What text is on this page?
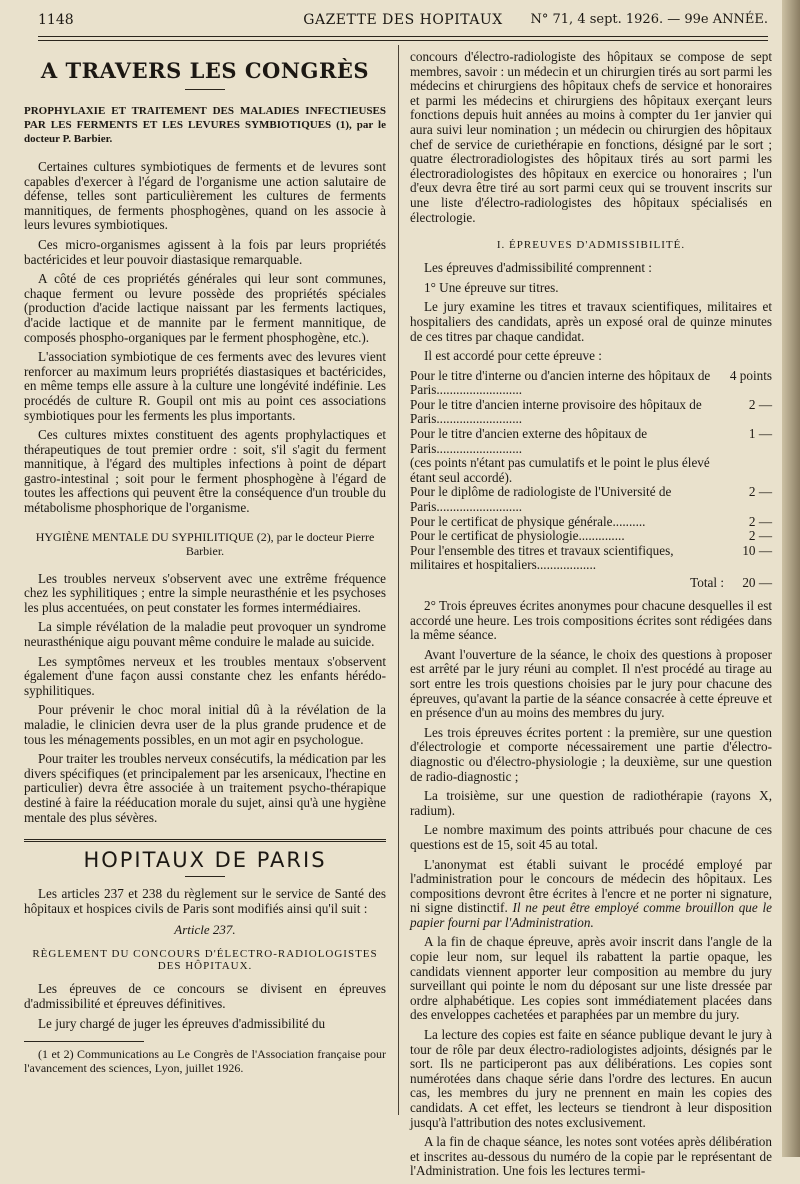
1148	GAZETTE DES HOPITAUX	N° 71, 4 sept. 1926. — 99e ANNÉE.
A TRAVERS LES CONGRÈS
PROPHYLAXIE ET TRAITEMENT DES MALADIES INFECTIEUSES PAR LES FERMENTS ET LES LEVURES SYMBIOTIQUES (1), par le docteur P. Barbier.

Certaines cultures symbiotiques de ferments et de levures sont capables d'exercer à l'égard de l'organisme une action salutaire de défense, telles sont particulièrement les cultures de ferments mannitiques, de ferments phosphogènes, quand on les associe à leurs levures symbiotiques.

Ces micro-organismes agissent à la fois par leurs propriétés bactéricides et leur pouvoir diastasique remarquable.

A côté de ces propriétés générales qui leur sont communes, chaque ferment ou levure possède des propriétés spéciales (production d'acide lactique naissant par les ferments lactiques, d'acide lactique et de mannite par le ferment mannitique, de composés phospho-organiques par le ferment phosphogène, etc.).

L'association symbiotique de ces ferments avec des levures vient renforcer au maximum leurs propriétés diastasiques et bactéricides, en même temps elle assure à la culture une longévité indéfinie. Les procédés de culture R. Goupil ont mis au point ces associations symbiotiques pour les ferments les plus importants.

Ces cultures mixtes constituent des agents prophylactiques et thérapeutiques de tout premier ordre : soit, s'il s'agit du ferment mannitique, à l'égard des multiples infections à point de départ gastro-intestinal ; soit pour le ferment phosphogène à l'égard de toutes les affections qui peuvent être la conséquence d'un trouble du métabolisme phosphorique de l'organisme.

HYGIÈNE MENTALE DU SYPHILITIQUE (2), par le docteur Pierre Barbier.

Les troubles nerveux s'observent avec une extrême fréquence chez les syphilitiques ; entre la simple neurasthénie et les psychoses les plus accentuées, on peut constater les formes intermédiaires.

La simple révélation de la maladie peut provoquer un syndrome neurasthénique aigu pouvant même conduire le malade au suicide.

Les symptômes nerveux et les troubles mentaux s'observent également d'une façon aussi constante chez les enfants hérédo-syphilitiques.

Pour prévenir le choc moral initial dû à la révélation de la maladie, le clinicien devra user de la plus grande prudence et de tous les ménagements possibles, en un mot agir en psychologue.

Pour traiter les troubles nerveux consécutifs, la médication par les divers spécifiques (et principalement par les arsenicaux, l'hectine en particulier) devra être associée à un traitement psycho-thérapique destiné à faire la rééducation morale du sujet, ainsi qu'à une hygiène mentale des plus sévères.

HOPITAUX DE PARIS

Les articles 237 et 238 du règlement sur le service de Santé des hôpitaux et hospices civils de Paris sont modifiés ainsi qu'il suit :

Article 237.
RÈGLEMENT DU CONCOURS D'ÉLECTRO-RADIOLOGISTES DES HÔPITAUX.

Les épreuves de ce concours se divisent en épreuves d'admissibilité et épreuves définitives.

Le jury chargé de juger les épreuves d'admissibilité du

(1 et 2) Communications au Le Congrès de l'Association française pour l'avancement des sciences, Lyon, juillet 1926.

concours d'électro-radiologiste des hôpitaux se compose de sept membres, savoir : un médecin et un chirurgien tirés au sort parmi les médecins et chirurgiens des hôpitaux chefs de service et honoraires et parmi les médecins et chirurgiens des hôpitaux exerçant leurs fonctions depuis huit années au moins à compter du 1er janvier qui aura suivi leur nomination ; un médecin ou chirurgien des hôpitaux chef de service de curiethérapie en fonctions, désigné par le sort ; quatre électroradiologistes des hôpitaux tirés au sort parmi les électroradiologistes des hôpitaux en exercice ou honoraires ; l'un d'eux devra être tiré au sort parmi ceux qui se trouvent inscrits sur une liste d'électro-radiologistes des hôpitaux spécialisés en électrologie.

I. ÉPREUVES D'ADMISSIBILITÉ.

Les épreuves d'admissibilité comprennent :

1° Une épreuve sur titres.

Le jury examine les titres et travaux scientifiques, militaires et hospitaliers des candidats, après un exposé oral de quinze minutes de ces titres par chaque candidat.

Il est accordé pour cette épreuve :

Pour le titre d'interne ou d'ancien interne des hôpitaux de Paris..........................
4 points
Pour le titre d'ancien interne provisoire des hôpitaux de Paris..........................
2 —
Pour le titre d'ancien externe des hôpitaux de Paris..........................
1 —
(ces points n'étant pas cumulatifs et le point le plus élevé étant seul accordé).
Pour le diplôme de radiologiste de l'Université de Paris..........................
2 —
Pour le certificat de physique générale..........	2 —
Pour le certificat de physiologie..............	2 —
Pour l'ensemble des titres et travaux scientifiques, militaires et hospitaliers..................
10 —
Total :	20 —

2° Trois épreuves écrites anonymes pour chacune desquelles il est accordé une heure. Les trois compositions écrites sont rédigées dans la même séance.

Avant l'ouverture de la séance, le choix des questions à proposer est arrêté par le jury réuni au complet. Il n'est procédé au tirage au sort entre les trois questions choisies par le jury pour chacune des épreuves, qu'avant la partie de la séance consacrée à cette épreuve et en présence d'un au moins des membres du jury.

Les trois épreuves écrites portent : la première, sur une question d'électrologie et comporte nécessairement une partie d'électro-diagnostic ou d'électro-physiologie ; la deuxième, sur une question de radio-diagnostic ;

La troisième, sur une question de radiothérapie (rayons X, radium).

Le nombre maximum des points attribués pour chacune de ces questions est de 15, soit 45 au total.

L'anonymat est établi suivant le procédé employé par l'administration pour le concours de médecin des hôpitaux. Les compositions devront être écrites à l'encre et ne porter ni signature, ni signe distinctif. Il ne peut être employé comme brouillon que le papier fourni par l'Administration.

A la fin de chaque épreuve, après avoir inscrit dans l'angle de la copie leur nom, sur lequel ils rabattent la partie opaque, les candidats viennent apporter leur composition au membre du jury surveillant qui pointe le nom du déposant sur une liste dressée par ordre alphabétique. Les copies sont immédiatement placées dans des enveloppes cachetées et paraphées par un membre du jury.

La lecture des copies est faite en séance publique devant le jury à tour de rôle par deux électro-radiologistes adjoints, désignés par le sort. Ils ne participeront pas aux délibérations. Les copies sont numérotées dans chaque série dans l'ordre des lectures. En aucun cas, les membres du jury ne prennent en main les copies des candidats. A cet effet, les lecteurs se tiendront à leur disposition jusqu'à l'attribution des notes exclusivement.

A la fin de chaque séance, les notes sont votées après délibération et inscrites au-dessous du numéro de la copie par le représentant de l'Administration. Une fois les lectures termi-
